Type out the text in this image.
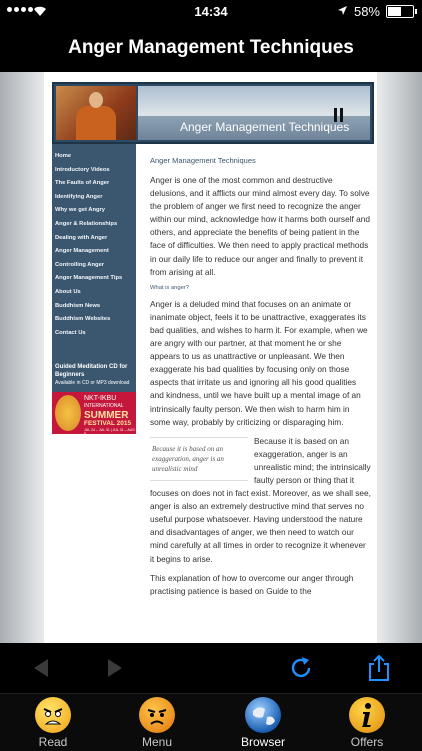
14:34	58%
Anger Management Techniques
Anger Management Techniques
Home
Introductory Videos
The Faults of Anger
Identifying Anger
Why we get Angry
Anger & Relationships
Dealing with Anger
Anger Management
Controlling Anger
Anger Management Tips
About Us
Buddhism News
Buddhism Websites
Contact Us
Guided Meditation CD for Beginners
Available in CD or MP3 download
NKT-IKBU
INTERNATIONAL
SUMMER
FESTIVAL 2015
JUL 24 – JUL 31 | JUL 31 – AUG 8
Anger Management Techniques

Anger is one of the most common and destructive delusions, and it afflicts our mind almost every day. To solve the problem of anger we first need to recognize the anger within our mind, acknowledge how it harms both ourself and others, and appreciate the benefits of being patient in the face of difficulties. We then need to apply practical methods in our daily life to reduce our anger and finally to prevent it from arising at all.

What is anger?

Anger is a deluded mind that focuses on an animate or inanimate object, feels it to be unattractive, exaggerates its bad qualities, and wishes to harm it. For example, when we are angry with our partner, at that moment he or she appears to us as unattractive or unpleasant. We then exaggerate his bad qualities by focusing only on those aspects that irritate us and ignoring all his good qualities and kindness, until we have built up a mental image of an intrinsically faulty person. We then wish to harm him in some way, probably by criticizing or disparaging him.

Because it is based on an exaggeration, anger is an unrealistic mind

Because it is based on an exaggeration, anger is an unrealistic mind; the intrinsically faulty person or thing that it focuses on does not in fact exist. Moreover, as we shall see, anger is also an extremely destructive mind that serves no useful purpose whatsoever. Having understood the nature and disadvantages of anger, we then need to watch our mind carefully at all times in order to recognize it whenever it begins to arise.

This explanation of how to overcome our anger through practising patience is based on Guide to the

Read	Menu	Browser	Offers
